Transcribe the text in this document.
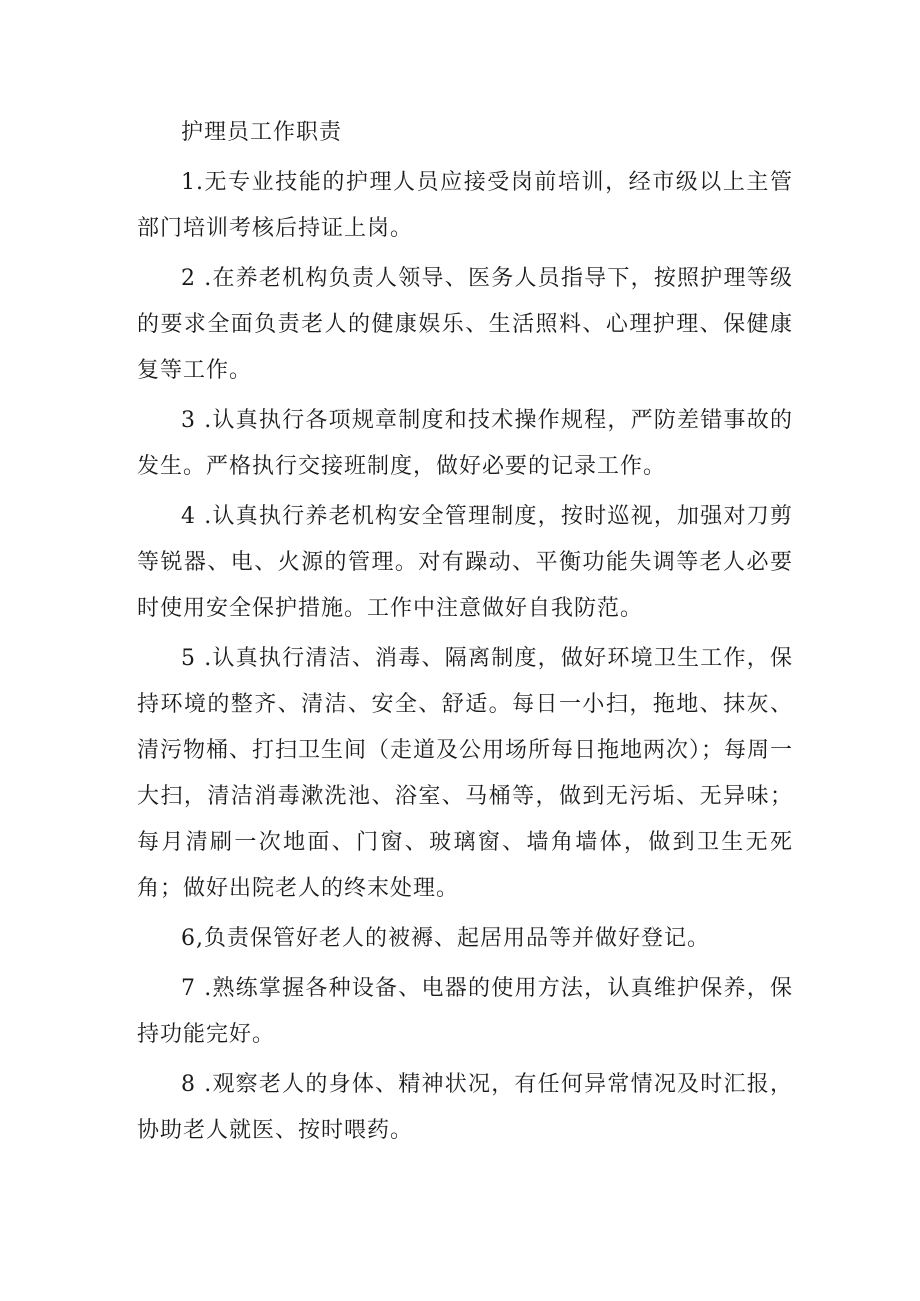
护理员工作职责

1.无专业技能的护理人员应接受岗前培训，经市级以上主管部门培训考核后持证上岗。

2 .在养老机构负责人领导、医务人员指导下，按照护理等级的要求全面负责老人的健康娱乐、生活照料、心理护理、保健康复等工作。

3 .认真执行各项规章制度和技术操作规程，严防差错事故的发生。严格执行交接班制度，做好必要的记录工作。

4 .认真执行养老机构安全管理制度，按时巡视，加强对刀剪等锐器、电、火源的管理。对有躁动、平衡功能失调等老人必要时使用安全保护措施。工作中注意做好自我防范。

5 .认真执行清洁、消毒、隔离制度，做好环境卫生工作，保持环境的整齐、清洁、安全、舒适。每日一小扫，拖地、抹灰、清污物桶、打扫卫生间（走道及公用场所每日拖地两次）；每周一大扫，清洁消毒漱洗池、浴室、马桶等，做到无污垢、无异味；每月清刷一次地面、门窗、玻璃窗、墙角墙体，做到卫生无死角；做好出院老人的终末处理。

6,负责保管好老人的被褥、起居用品等并做好登记。

7 .熟练掌握各种设备、电器的使用方法，认真维护保养，保持功能完好。

8 .观察老人的身体、精神状况，有任何异常情况及时汇报，协助老人就医、按时喂药。
